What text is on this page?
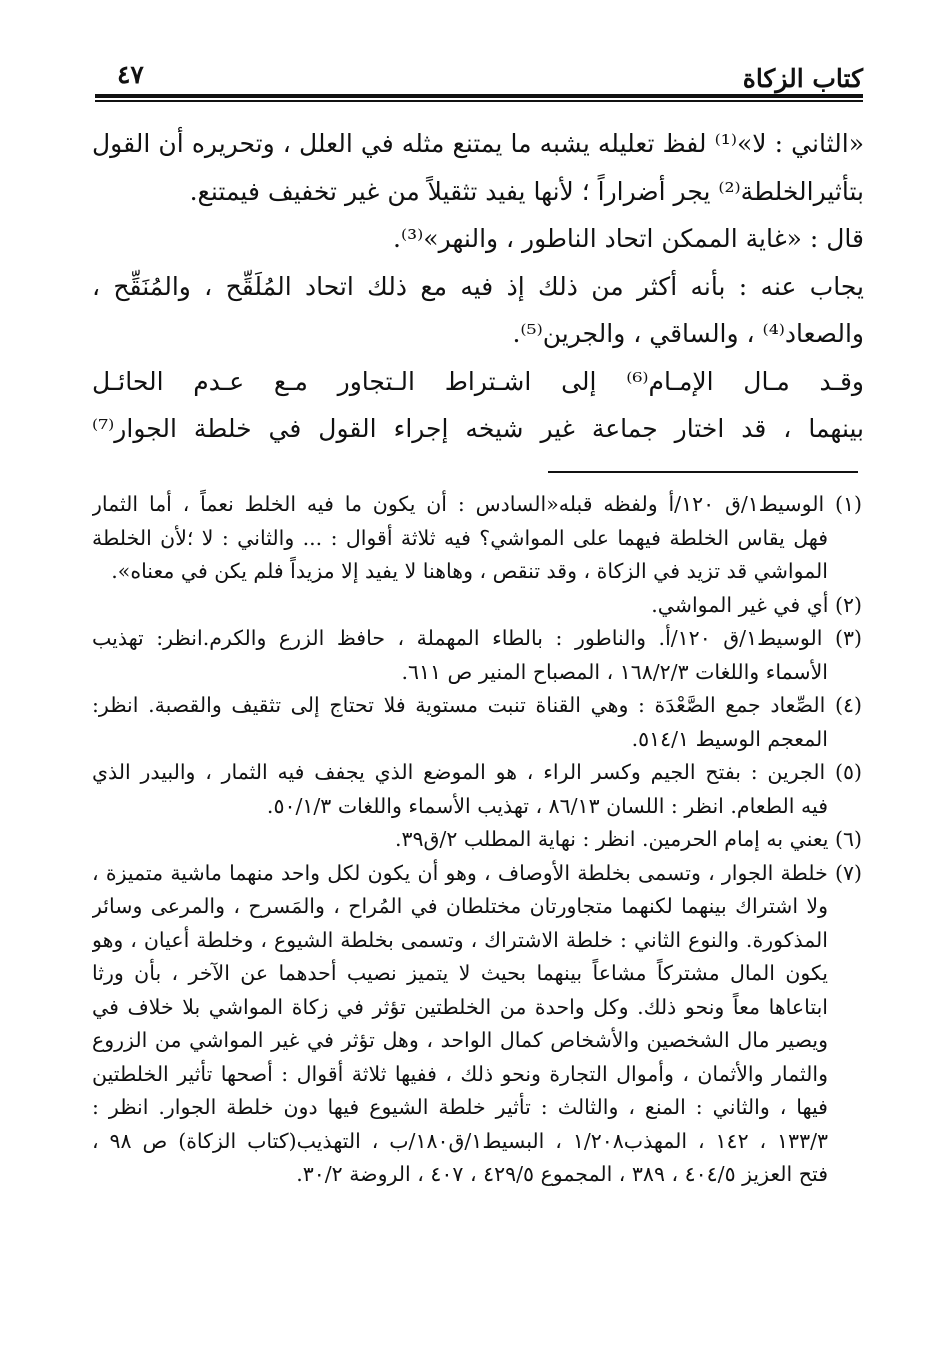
٤٧	كتاب الزكاة
«الثاني : لا»⁽¹⁾ لفظ تعليله يشبه ما يمتنع مثله في العلل ، وتحريره أن القول
بتأثيرالخلطة⁽²⁾ يجر أضراراً ؛ لأنها يفيد تثقيلاً من غير تخفيف فيمتنع.
قال : «غاية الممكن اتحاد الناطور ، والنهر»⁽³⁾.
يجاب عنه : بأنه أكثر من ذلك إذ فيه مع ذلك اتحاد المُلَقِّح ، والمُنَقِّح ،
والصعاد⁽⁴⁾ ، والساقي ، والجرين⁽⁵⁾.
وقـد مـال الإمـام⁽⁶⁾ إلى اشـتراط الـتجاور مـع عـدم الحائـل
بينهما ، قد اختار جماعة غير شيخه إجراء القول في خلطة الجوار⁽⁷⁾
(١) الوسيط١/ق ١٢٠/أ ولفظه قبله«السادس : أن يكون ما فيه الخلط نعماً ، أما الثمار
فهل يقاس الخلطة فيهما على المواشي؟ فيه ثلاثة أقوال : ... والثاني : لا ؛لأن الخلطة
المواشي قد تزيد في الزكاة ، وقد تنقص ، وهاهنا لا يفيد إلا مزيداً فلم يكن في معناه».
(٢) أي في غير المواشي.
(٣) الوسيط١/ق ١٢٠/أ. والناطور : بالطاء المهملة ، حافظ الزرع والكرم.انظر: تهذيب
الأسماء واللغات ١٦٨/٢/٣ ، المصباح المنير ص ٦١١.
(٤) الصِّعاد جمع الصَّعْدَة : وهي القناة تنبت مستوية فلا تحتاج إلى تثقيف والقصبة. انظر:
المعجم الوسيط ٥١٤/١.
(٥) الجرين : بفتح الجيم وكسر الراء ، هو الموضع الذي يجفف فيه الثمار ، والبيدر الذي
فيه الطعام. انظر : اللسان ٨٦/١٣ ، تهذيب الأسماء واللغات ٥٠/١/٣.
(٦) يعني به إمام الحرمين. انظر : نهاية المطلب ٢/ق٣٩.
(٧) خلطة الجوار ، وتسمى بخلطة الأوصاف ، وهو أن يكون لكل واحد منهما ماشية متميزة ،
ولا اشتراك بينهما لكنهما متجاورتان مختلطان في المُراح ، والمَسرح ، والمرعى وسائر
المذكورة. والنوع الثاني : خلطة الاشتراك ، وتسمى بخلطة الشيوع ، وخلطة أعيان ، وهو
يكون المال مشتركاً مشاعاً بينهما بحيث لا يتميز نصيب أحدهما عن الآخر ، بأن ورثا
ابتاعاها معاً ونحو ذلك. وكل واحدة من الخلطتين تؤثر في زكاة المواشي بلا خلاف في
ويصير مال الشخصين والأشخاص كمال الواحد ، وهل تؤثر في غير المواشي من الزروع
والثمار والأثمان ، وأموال التجارة ونحو ذلك ، ففيها ثلاثة أقوال : أصحها تأثير الخلطتين
فيها ، والثاني : المنع ، والثالث : تأثير خلطة الشيوع فيها دون خلطة الجوار. انظر :
١٣٣/٣ ، ١٤٢ ، المهذب١/٢٠٨ ، البسيط١/ق١٨٠/ب ، التهذيب(كتاب الزكاة) ص ٩٨ ،
فتح العزيز ٤٠٤/٥ ، ٣٨٩ ، المجموع ٤٢٩/٥ ، ٤٠٧ ، الروضة ٣٠/٢.
